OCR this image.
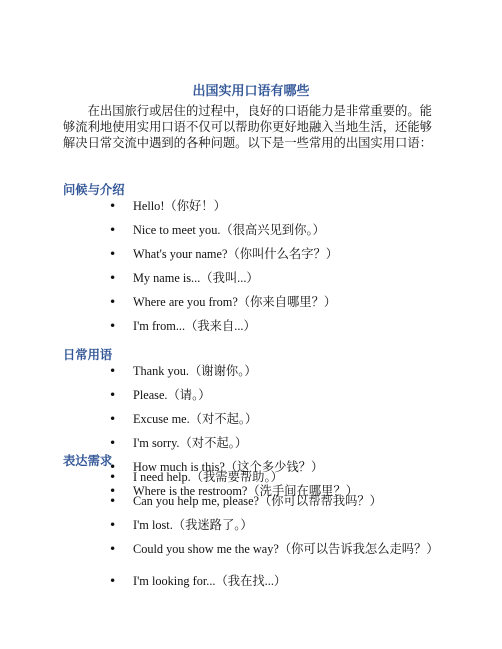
出国实用口语有哪些

在出国旅行或居住的过程中，良好的口语能力是非常重要的。能够流利地使用实用口语不仅可以帮助你更好地融入当地生活，还能够解决日常交流中遇到的各种问题。以下是一些常用的出国实用口语：

问候与介绍
• Hello!（你好！）
• Nice to meet you.（很高兴见到你。）
• What's your name?（你叫什么名字？）
• My name is...（我叫...）
• Where are you from?（你来自哪里？）
• I'm from...（我来自...）
日常用语
• Thank you.（谢谢你。）
• Please.（请。）
• Excuse me.（对不起。）
• I'm sorry.（对不起。）
• How much is this?（这个多少钱？）
• Where is the restroom?（洗手间在哪里？）
表达需求
• I need help.（我需要帮助。）
• Can you help me, please?（你可以帮帮我吗？）
• I'm lost.（我迷路了。）
• Could you show me the way?（你可以告诉我怎么走吗？）
• I'm looking for...（我在找...）
